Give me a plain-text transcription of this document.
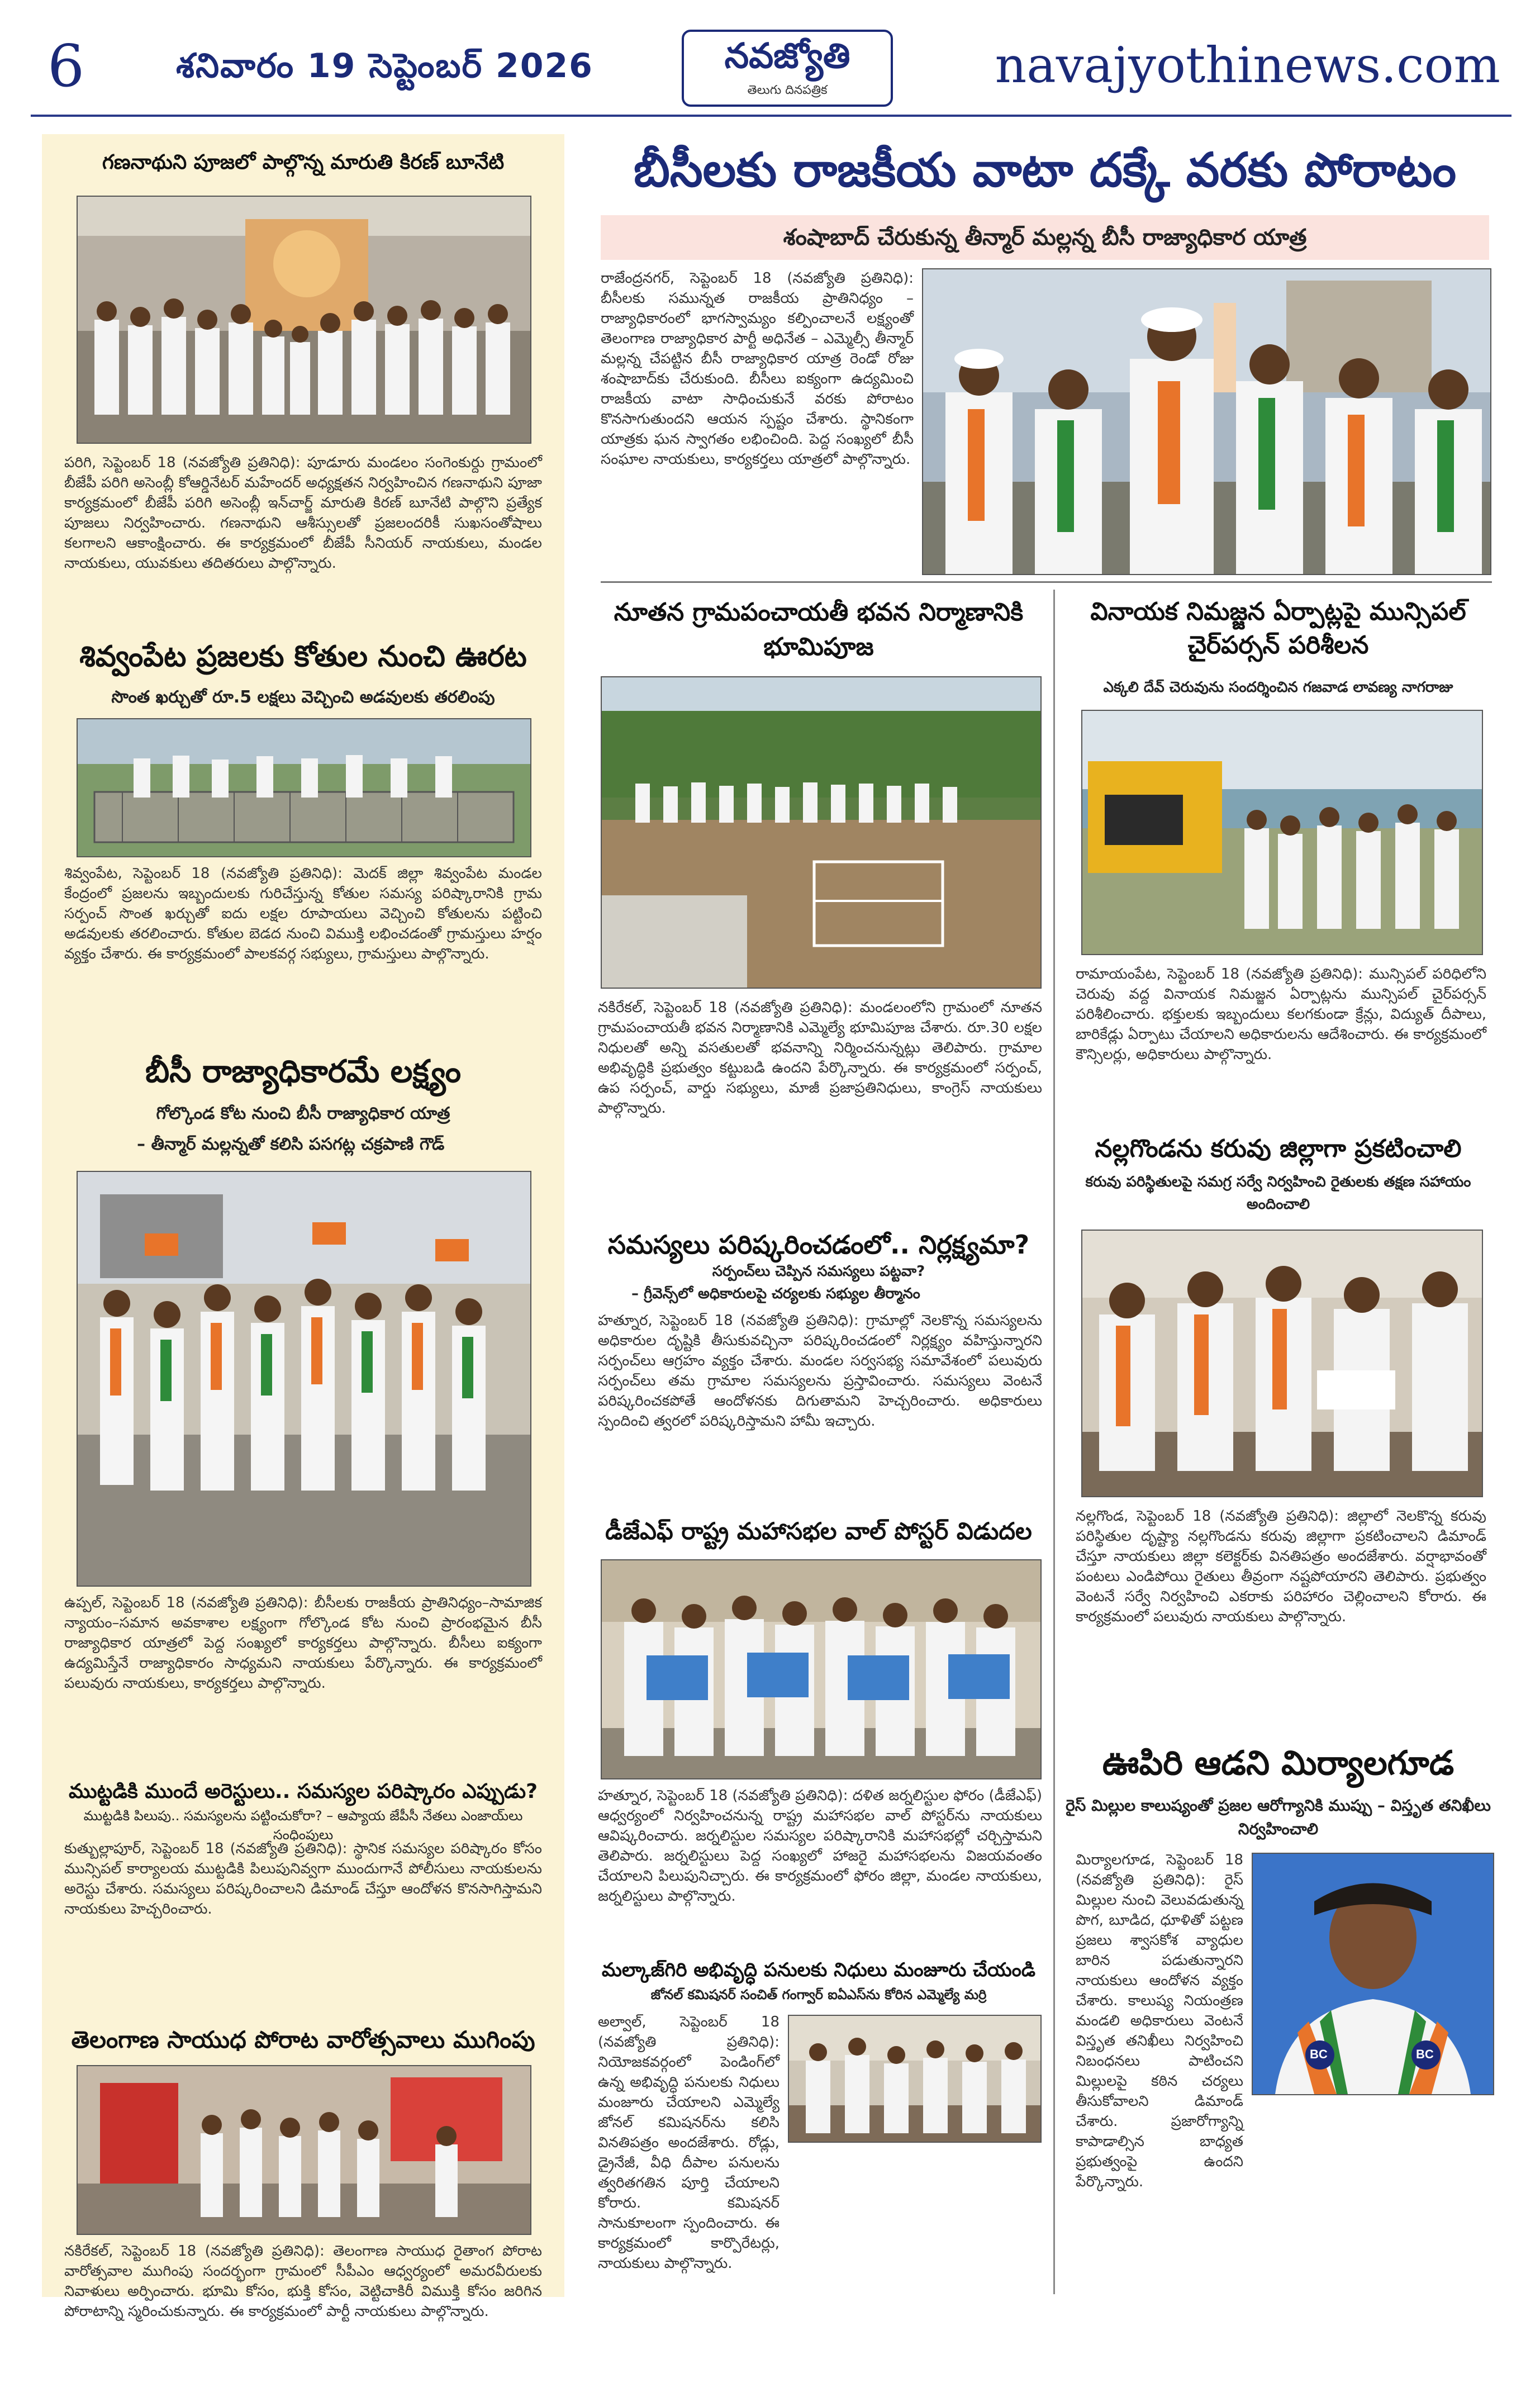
6	శనివారం 19 సెప్టెంబర్ 2026	నవజ్యోతి
తెలుగు దినపత్రిక	navajyothinews.com
గణనాథుని పూజలో పాల్గొన్న మారుతి కిరణ్ బూనేటి
పరిగి, సెప్టెంబర్ 18 (నవజ్యోతి ప్రతినిధి): పూడూరు మండలం సంగెంకుర్దు గ్రామంలో బీజేపీ పరిగి అసెంబ్లీ కోఆర్డినేటర్ మహేందర్ అధ్యక్షతన నిర్వహించిన గణనాథుని పూజా కార్యక్రమంలో బీజేపీ పరిగి అసెంబ్లీ ఇన్‌చార్జ్ మారుతి కిరణ్ బూనేటి పాల్గొని ప్రత్యేక పూజలు నిర్వహించారు. గణనాథుని ఆశీస్సులతో ప్రజలందరికీ సుఖసంతోషాలు కలగాలని ఆకాంక్షించారు. ఈ కార్యక్రమంలో బీజేపీ సీనియర్ నాయకులు, మండల నాయకులు, యువకులు తదితరులు పాల్గొన్నారు.
శివ్వంపేట ప్రజలకు కోతుల నుంచి ఊరట
సొంత ఖర్చుతో రూ.5 లక్షలు వెచ్చించి అడవులకు తరలింపు
శివ్వంపేట, సెప్టెంబర్ 18 (నవజ్యోతి ప్రతినిధి): మెదక్ జిల్లా శివ్వంపేట మండల కేంద్రంలో ప్రజలను ఇబ్బందులకు గురిచేస్తున్న కోతుల సమస్య పరిష్కారానికి గ్రామ సర్పంచ్ సొంత ఖర్చుతో ఐదు లక్షల రూపాయలు వెచ్చించి కోతులను పట్టించి అడవులకు తరలించారు. కోతుల బెడద నుంచి విముక్తి లభించడంతో గ్రామస్తులు హర్షం వ్యక్తం చేశారు. ఈ కార్యక్రమంలో పాలకవర్గ సభ్యులు, గ్రామస్తులు పాల్గొన్నారు.
బీసీ రాజ్యాధికారమే లక్ష్యం
గోల్కొండ కోట నుంచి బీసీ రాజ్యాధికార యాత్ర
– తీన్మార్ మల్లన్నతో కలిసి పసగట్ల చక్రపాణి గౌడ్
ఉప్పల్, సెప్టెంబర్ 18 (నవజ్యోతి ప్రతినిధి): బీసీలకు రాజకీయ ప్రాతినిధ్యం–సామాజిక న్యాయం–సమాన అవకాశాల లక్ష్యంగా గోల్కొండ కోట నుంచి ప్రారంభమైన బీసీ రాజ్యాధికార యాత్రలో పెద్ద సంఖ్యలో కార్యకర్తలు పాల్గొన్నారు. బీసీలు ఐక్యంగా ఉద్యమిస్తేనే రాజ్యాధికారం సాధ్యమని నాయకులు పేర్కొన్నారు. ఈ కార్యక్రమంలో పలువురు నాయకులు, కార్యకర్తలు పాల్గొన్నారు.
ముట్టడికి ముందే అరెస్టులు.. సమస్యల పరిష్కారం ఎప్పుడు?
ముట్టడికి పిలుపు.. సమస్యలను పట్టించుకోరా? – ఆప్యాయ జేపీసీ నేతలు ఎంజాయ్‌లు సంధింపులు
కుత్బుల్లాపూర్, సెప్టెంబర్ 18 (నవజ్యోతి ప్రతినిధి): స్థానిక సమస్యల పరిష్కారం కోసం మున్సిపల్ కార్యాలయ ముట్టడికి పిలుపునివ్వగా ముందుగానే పోలీసులు నాయకులను అరెస్టు చేశారు. సమస్యలు పరిష్కరించాలని డిమాండ్ చేస్తూ ఆందోళన కొనసాగిస్తామని నాయకులు హెచ్చరించారు.
తెలంగాణ సాయుధ పోరాట వారోత్సవాలు ముగింపు
నకిరేకల్, సెప్టెంబర్ 18 (నవజ్యోతి ప్రతినిధి): తెలంగాణ సాయుధ రైతాంగ పోరాట వారోత్సవాల ముగింపు సందర్భంగా గ్రామంలో సీపీఎం ఆధ్వర్యంలో అమరవీరులకు నివాళులు అర్పించారు. భూమి కోసం, భుక్తి కోసం, వెట్టిచాకిరీ విముక్తి కోసం జరిగిన పోరాటాన్ని స్మరించుకున్నారు. ఈ కార్యక్రమంలో పార్టీ నాయకులు పాల్గొన్నారు.
బీసీలకు రాజకీయ వాటా దక్కే వరకు పోరాటం
శంషాబాద్ చేరుకున్న తీన్మార్ మల్లన్న బీసీ రాజ్యాధికార యాత్ర
రాజేంద్రనగర్, సెప్టెంబర్ 18 (నవజ్యోతి ప్రతినిధి): బీసీలకు సమున్నత రాజకీయ ప్రాతినిధ్యం – రాజ్యాధికారంలో భాగస్వామ్యం కల్పించాలనే లక్ష్యంతో తెలంగాణ రాజ్యాధికార పార్టీ అధినేత – ఎమ్మెల్సీ తీన్మార్ మల్లన్న చేపట్టిన బీసీ రాజ్యాధికార యాత్ర రెండో రోజు శంషాబాద్‌కు చేరుకుంది. బీసీలు ఐక్యంగా ఉద్యమించి రాజకీయ వాటా సాధించుకునే వరకు పోరాటం కొనసాగుతుందని ఆయన స్పష్టం చేశారు. స్థానికంగా యాత్రకు ఘన స్వాగతం లభించింది. పెద్ద సంఖ్యలో బీసీ సంఘాల నాయకులు, కార్యకర్తలు యాత్రలో పాల్గొన్నారు.
నూతన గ్రామపంచాయతీ భవన నిర్మాణానికి భూమిపూజ
నకిరేకల్, సెప్టెంబర్ 18 (నవజ్యోతి ప్రతినిధి): మండలంలోని గ్రామంలో నూతన గ్రామపంచాయతీ భవన నిర్మాణానికి ఎమ్మెల్యే భూమిపూజ చేశారు. రూ.30 లక్షల నిధులతో అన్ని వసతులతో భవనాన్ని నిర్మించనున్నట్లు తెలిపారు. గ్రామాల అభివృద్ధికి ప్రభుత్వం కట్టుబడి ఉందని పేర్కొన్నారు. ఈ కార్యక్రమంలో సర్పంచ్, ఉప సర్పంచ్, వార్డు సభ్యులు, మాజీ ప్రజాప్రతినిధులు, కాంగ్రెస్ నాయకులు పాల్గొన్నారు.
సమస్యలు పరిష్కరించడంలో.. నిర్లక్ష్యమా?
సర్పంచ్‌లు చెప్పిన సమస్యలు పట్టవా?
– గ్రీవెన్స్‌లో అధికారులపై చర్యలకు సభ్యుల తీర్మానం
హత్నూర, సెప్టెంబర్ 18 (నవజ్యోతి ప్రతినిధి): గ్రామాల్లో నెలకొన్న సమస్యలను అధికారుల దృష్టికి తీసుకువచ్చినా పరిష్కరించడంలో నిర్లక్ష్యం వహిస్తున్నారని సర్పంచ్‌లు ఆగ్రహం వ్యక్తం చేశారు. మండల సర్వసభ్య సమావేశంలో పలువురు సర్పంచ్‌లు తమ గ్రామాల సమస్యలను ప్రస్తావించారు. సమస్యలు వెంటనే పరిష్కరించకపోతే ఆందోళనకు దిగుతామని హెచ్చరించారు. అధికారులు స్పందించి త్వరలో పరిష్కరిస్తామని హామీ ఇచ్చారు.
డీజేఎఫ్ రాష్ట్ర మహాసభల వాల్ పోస్టర్ విడుదల
హత్నూర, సెప్టెంబర్ 18 (నవజ్యోతి ప్రతినిధి): దళిత జర్నలిస్టుల ఫోరం (డీజేఎఫ్) ఆధ్వర్యంలో నిర్వహించనున్న రాష్ట్ర మహాసభల వాల్ పోస్టర్‌ను నాయకులు ఆవిష్కరించారు. జర్నలిస్టుల సమస్యల పరిష్కారానికి మహాసభల్లో చర్చిస్తామని తెలిపారు. జర్నలిస్టులు పెద్ద సంఖ్యలో హాజరై మహాసభలను విజయవంతం చేయాలని పిలుపునిచ్చారు. ఈ కార్యక్రమంలో ఫోరం జిల్లా, మండల నాయకులు, జర్నలిస్టులు పాల్గొన్నారు.
మల్కాజ్‌గిరి అభివృద్ధి పనులకు నిధులు మంజూరు చేయండి
జోనల్ కమిషనర్ సంచిత్ గంగ్వార్ ఐఏఎస్‌ను కోరిన ఎమ్మెల్యే మర్రి
అల్వాల్, సెప్టెంబర్ 18 (నవజ్యోతి ప్రతినిధి): నియోజకవర్గంలో పెండింగ్‌లో ఉన్న అభివృద్ధి పనులకు నిధులు మంజూరు చేయాలని ఎమ్మెల్యే జోనల్ కమిషనర్‌ను కలిసి వినతిపత్రం అందజేశారు. రోడ్లు, డ్రైనేజీ, వీధి దీపాల పనులను త్వరితగతిన పూర్తి చేయాలని కోరారు. కమిషనర్ సానుకూలంగా స్పందించారు. ఈ కార్యక్రమంలో కార్పొరేటర్లు, నాయకులు పాల్గొన్నారు.
వినాయక నిమజ్జన ఏర్పాట్లపై మున్సిపల్ చైర్‌పర్సన్ పరిశీలన
ఎక్కలి దేవ్ చెరువును సందర్శించిన గజవాడ లావణ్య నాగరాజు
రామాయంపేట, సెప్టెంబర్ 18 (నవజ్యోతి ప్రతినిధి): మున్సిపల్ పరిధిలోని చెరువు వద్ద వినాయక నిమజ్జన ఏర్పాట్లను మున్సిపల్ చైర్‌పర్సన్ పరిశీలించారు. భక్తులకు ఇబ్బందులు కలగకుండా క్రేన్లు, విద్యుత్ దీపాలు, బారికేడ్లు ఏర్పాటు చేయాలని అధికారులను ఆదేశించారు. ఈ కార్యక్రమంలో కౌన్సిలర్లు, అధికారులు పాల్గొన్నారు.
నల్లగొండను కరువు జిల్లాగా ప్రకటించాలి
కరువు పరిస్థితులపై సమగ్ర సర్వే నిర్వహించి రైతులకు తక్షణ సహాయం అందించాలి
నల్లగొండ, సెప్టెంబర్ 18 (నవజ్యోతి ప్రతినిధి): జిల్లాలో నెలకొన్న కరువు పరిస్థితుల దృష్ట్యా నల్లగొండను కరువు జిల్లాగా ప్రకటించాలని డిమాండ్ చేస్తూ నాయకులు జిల్లా కలెక్టర్‌కు వినతిపత్రం అందజేశారు. వర్షాభావంతో పంటలు ఎండిపోయి రైతులు తీవ్రంగా నష్టపోయారని తెలిపారు. ప్రభుత్వం వెంటనే సర్వే నిర్వహించి ఎకరాకు పరిహారం చెల్లించాలని కోరారు. ఈ కార్యక్రమంలో పలువురు నాయకులు పాల్గొన్నారు.
ఊపిరి ఆడని మిర్యాలగూడ
రైస్ మిల్లుల కాలుష్యంతో ప్రజల ఆరోగ్యానికి ముప్పు – విస్తృత తనిఖీలు నిర్వహించాలి
మిర్యాలగూడ, సెప్టెంబర్ 18 (నవజ్యోతి ప్రతినిధి): రైస్ మిల్లుల నుంచి వెలువడుతున్న పొగ, బూడిద, ధూళితో పట్టణ ప్రజలు శ్వాసకోశ వ్యాధుల బారిన పడుతున్నారని నాయకులు ఆందోళన వ్యక్తం చేశారు. కాలుష్య నియంత్రణ మండలి అధికారులు వెంటనే విస్తృత తనిఖీలు నిర్వహించి నిబంధనలు పాటించని మిల్లులపై కఠిన చర్యలు తీసుకోవాలని డిమాండ్ చేశారు. ప్రజారోగ్యాన్ని కాపాడాల్సిన బాధ్యత ప్రభుత్వంపై ఉందని పేర్కొన్నారు.
BC	BC
